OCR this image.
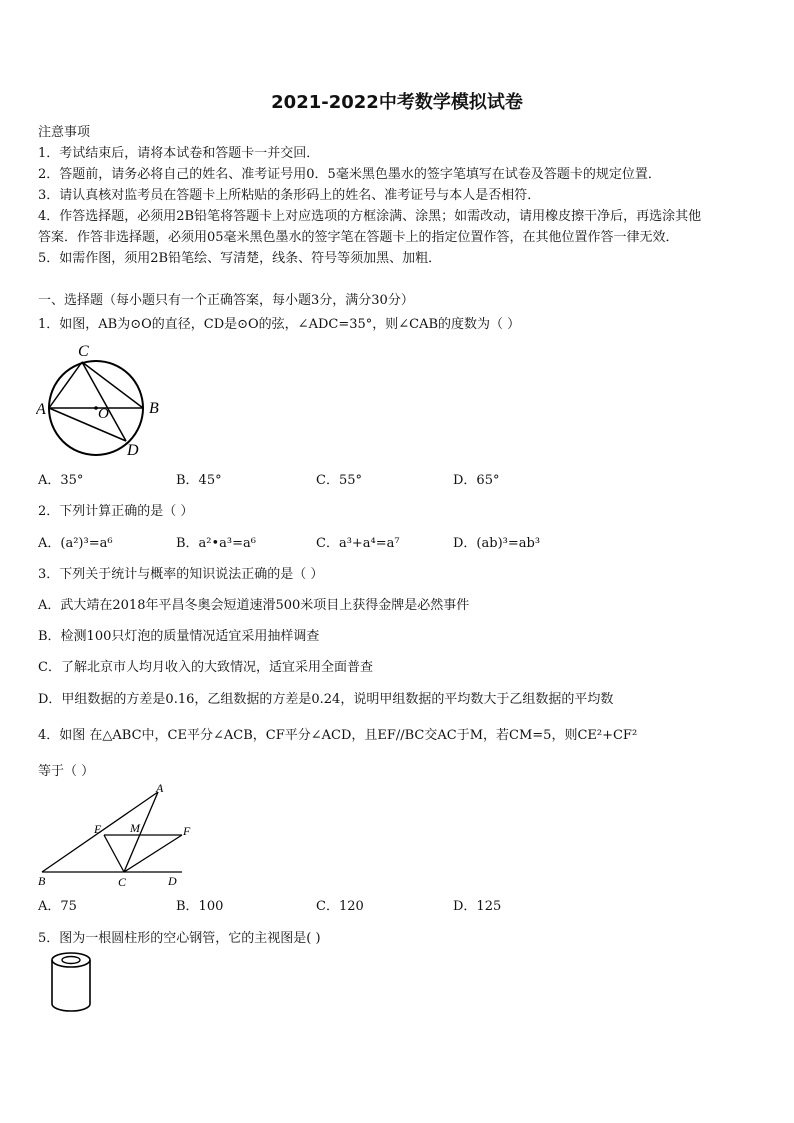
2021-2022中考数学模拟试卷
注意事项
1．考试结束后，请将本试卷和答题卡一并交回．
2．答题前，请务必将自己的姓名、准考证号用0．5毫米黑色墨水的签字笔填写在试卷及答题卡的规定位置．
3．请认真核对监考员在答题卡上所粘贴的条形码上的姓名、准考证号与本人是否相符．
4．作答选择题，必须用2B铅笔将答题卡上对应选项的方框涂满、涂黑；如需改动，请用橡皮擦干净后，再选涂其他
答案．作答非选择题，必须用05毫米黑色墨水的签字笔在答题卡上的指定位置作答，在其他位置作答一律无效．
5．如需作图，须用2B铅笔绘、写清楚，线条、符号等须加黑、加粗．
一、选择题（每小题只有一个正确答案，每小题3分，满分30分）
1．如图，AB为⊙O的直径，CD是⊙O的弦，∠ADC=35°，则∠CAB的度数为（ ）
C
A	O	B
D
A．35°	B．45°	C．55°	D．65°
2．下列计算正确的是（ ）
A．(a²)³=a⁶	B．a²•a³=a⁶	C．a³+a⁴=a⁷	D．(ab)³=ab³
3．下列关于统计与概率的知识说法正确的是（ ）
A．武大靖在2018年平昌冬奥会短道速滑500米项目上获得金牌是必然事件
B．检测100只灯泡的质量情况适宜采用抽样调查
C．了解北京市人均月收入的大致情况，适宜采用全面普查
D．甲组数据的方差是0.16，乙组数据的方差是0.24，说明甲组数据的平均数大于乙组数据的平均数
4．如图 在△ABC中，CE平分∠ACB，CF平分∠ACD，且EF//BC交AC于M，若CM=5，则CE²+CF²
等于（ ）
A
E M	F
B	C	D
A．75	B．100	C．120	D．125
5．图为一根圆柱形的空心钢管，它的主视图是( )
